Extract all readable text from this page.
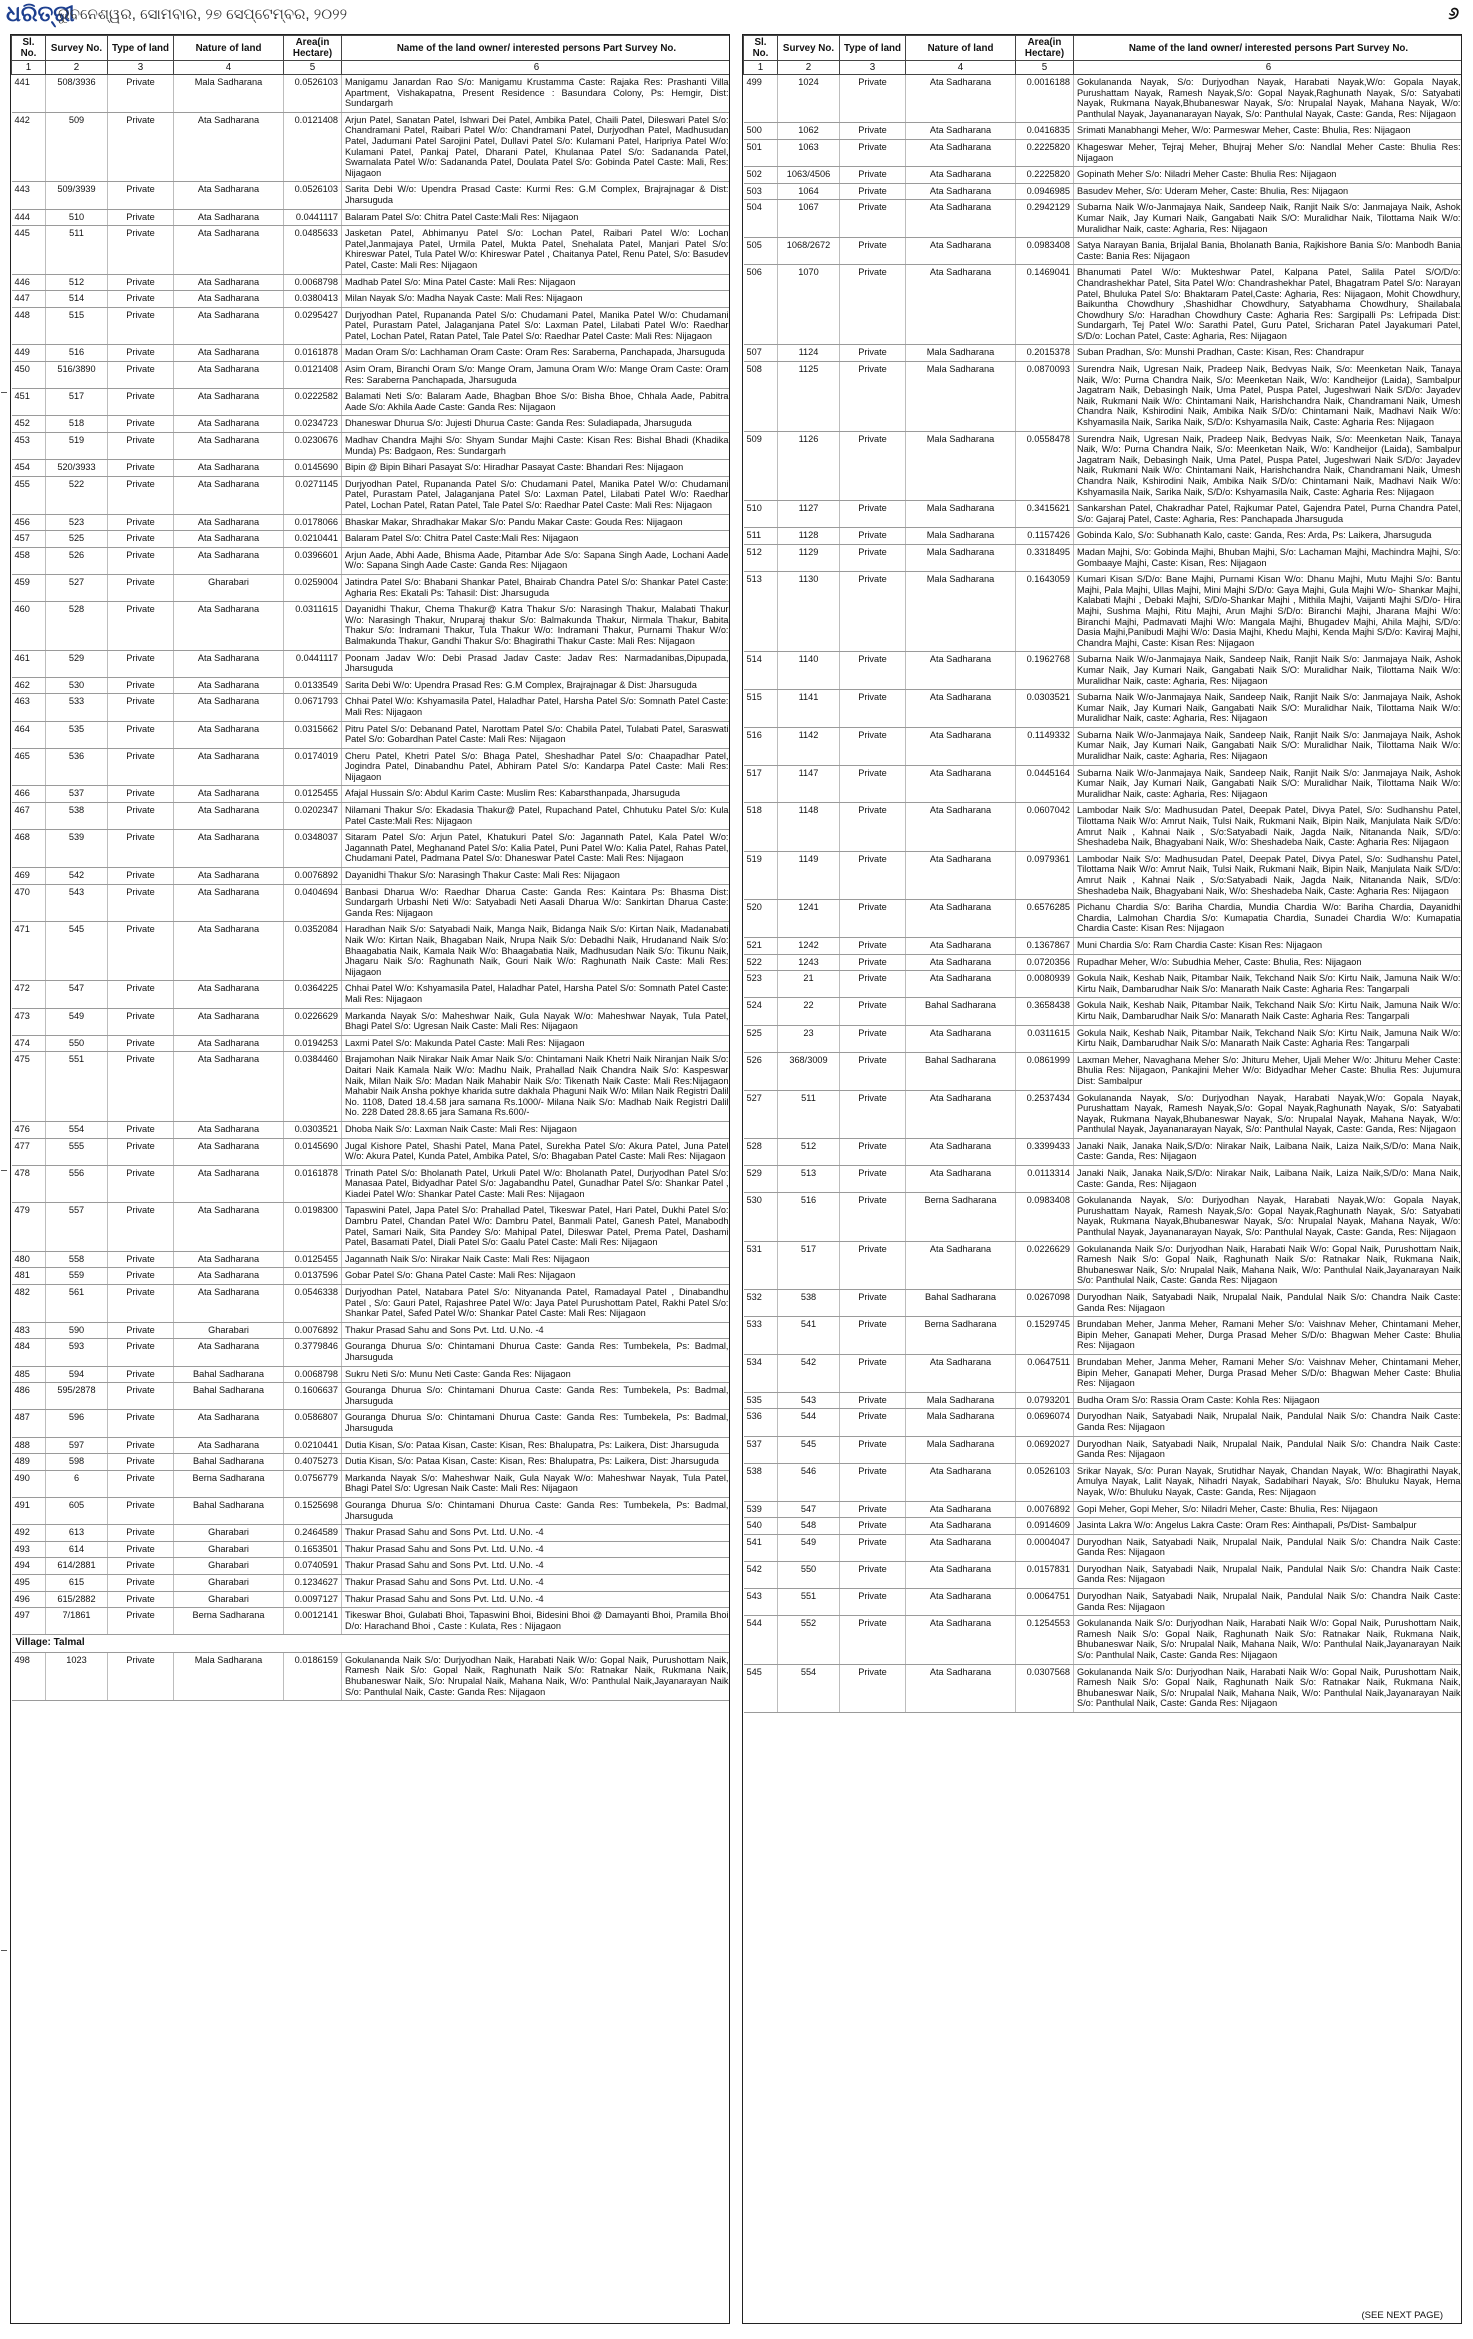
ଧରିତ୍ରୀ
ଭୁବନେଶ୍ୱର, ସୋମବାର, ୨୭ ସେପ୍ଟେମ୍ବର, ୨୦୨୨	୬
Sl. No.	Survey No.	Type of land	Nature of land	Area(in Hectare)	Name of the land owner/ interested persons Part Survey No.
1	2	3	4	5	6
441	508/3936	Private	Mala Sadharana	0.0526103	Manigamu Janardan Rao S/o: Manigamu Krustamma Caste: Rajaka Res: Prashanti Villa Apartment, Vishakapatna, Present Residence : Basundara Colony, Ps: Hemgir, Dist: Sundargarh
442	509	Private	Ata Sadharana	0.0121408	Arjun Patel, Sanatan Patel, Ishwari Dei Patel, Ambika Patel, Chaili Patel, Dileswari Patel S/o: Chandramani Patel, Raibari Patel W/o: Chandramani Patel, Durjyodhan Patel, Madhusudan Patel, Jadumani Patel Sarojini Patel, Dullavi Patel S/o: Kulamani Patel, Haripriya Patel W/o: Kulamani Patel, Pankaj Patel, Dharani Patel, Khulanaa Patel S/o: Sadananda Patel, Swarnalata Patel W/o: Sadananda Patel, Doulata Patel S/o: Gobinda Patel Caste: Mali, Res: Nijagaon
443	509/3939	Private	Ata Sadharana	0.0526103	Sarita Debi W/o: Upendra Prasad Caste: Kurmi Res: G.M Complex, Brajrajnagar & Dist: Jharsuguda
444	510	Private	Ata Sadharana	0.0441117	Balaram Patel S/o: Chitra Patel Caste:Mali Res: Nijagaon
445	511	Private	Ata Sadharana	0.0485633	Jasketan Patel, Abhimanyu Patel S/o: Lochan Patel, Raibari Patel W/o: Lochan Patel,Janmajaya Patel, Urmila Patel, Mukta Patel, Snehalata Patel, Manjari Patel S/o: Khireswar Patel, Tula Patel W/o: Khireswar Patel , Chaitanya Patel, Renu Patel, S/o: Basudev Patel, Caste: Mali Res: Nijagaon
446	512	Private	Ata Sadharana	0.0068798	Madhab Patel S/o: Mina Patel Caste: Mali Res: Nijagaon
447	514	Private	Ata Sadharana	0.0380413	Milan Nayak S/o: Madha Nayak Caste: Mali Res: Nijagaon
448	515	Private	Ata Sadharana	0.0295427	Durjyodhan Patel, Rupananda Patel S/o: Chudamani Patel, Manika Patel W/o: Chudamani Patel, Purastam Patel, Jalaganjana Patel S/o: Laxman Patel, Lilabati Patel W/o: Raedhar Patel, Lochan Patel, Ratan Patel, Tale Patel S/o: Raedhar Patel Caste: Mali Res: Nijagaon
449	516	Private	Ata Sadharana	0.0161878	Madan Oram S/o: Lachhaman Oram Caste: Oram Res: Saraberna, Panchapada, Jharsuguda
450	516/3890	Private	Ata Sadharana	0.0121408	Asim Oram, Biranchi Oram S/o: Mange Oram, Jamuna Oram W/o: Mange Oram Caste: Oram Res: Saraberna Panchapada, Jharsuguda
451	517	Private	Ata Sadharana	0.0222582	Balamati Neti S/o: Balaram Aade, Bhagban Bhoe S/o: Bisha Bhoe, Chhala Aade, Pabitra Aade S/o: Akhila Aade Caste: Ganda Res: Nijagaon
452	518	Private	Ata Sadharana	0.0234723	Dhaneswar Dhurua S/o: Jujesti Dhurua Caste: Ganda Res: Suladiapada, Jharsuguda
453	519	Private	Ata Sadharana	0.0230676	Madhav Chandra Majhi S/o: Shyam Sundar Majhi Caste: Kisan Res: Bishal Bhadi (Khadika Munda) Ps: Badgaon, Res: Sundargarh
454	520/3933	Private	Ata Sadharana	0.0145690	Bipin @ Bipin Bihari Pasayat S/o: Hiradhar Pasayat Caste: Bhandari Res: Nijagaon
455	522	Private	Ata Sadharana	0.0271145	Durjyodhan Patel, Rupananda Patel S/o: Chudamani Patel, Manika Patel W/o: Chudamani Patel, Purastam Patel, Jalaganjana Patel S/o: Laxman Patel, Lilabati Patel W/o: Raedhar Patel, Lochan Patel, Ratan Patel, Tale Patel S/o: Raedhar Patel Caste: Mali Res: Nijagaon
456	523	Private	Ata Sadharana	0.0178066	Bhaskar Makar, Shradhakar Makar S/o: Pandu Makar Caste: Gouda Res: Nijagaon
457	525	Private	Ata Sadharana	0.0210441	Balaram Patel S/o: Chitra Patel Caste:Mali Res: Nijagaon
458	526	Private	Ata Sadharana	0.0396601	Arjun Aade, Abhi Aade, Bhisma Aade, Pitambar Ade S/o: Sapana Singh Aade, Lochani Aade W/o: Sapana Singh Aade Caste: Ganda Res: Nijagaon
459	527	Private	Gharabari	0.0259004	Jatindra Patel S/o: Bhabani Shankar Patel, Bhairab Chandra Patel S/o: Shankar Patel Caste: Agharia Res: Ekatali Ps: Tahasil: Dist: Jharsuguda
460	528	Private	Ata Sadharana	0.0311615	Dayanidhi Thakur, Chema Thakur@ Katra Thakur S/o: Narasingh Thakur, Malabati Thakur W/o: Narasingh Thakur, Nruparaj thakur S/o: Balmakunda Thakur, Nirmala Thakur, Babita Thakur S/o: Indramani Thakur, Tula Thakur W/o: Indramani Thakur, Purnami Thakur W/o: Balmakunda Thakur, Gandhi Thakur S/o: Bhagirathi Thakur Caste: Mali Res: Nijagaon
461	529	Private	Ata Sadharana	0.0441117	Poonam Jadav W/o: Debi Prasad Jadav Caste: Jadav Res: Narmadanibas,Dipupada, Jharsuguda
462	530	Private	Ata Sadharana	0.0133549	Sarita Debi W/o: Upendra Prasad Res: G.M Complex, Brajrajnagar & Dist: Jharsuguda
463	533	Private	Ata Sadharana	0.0671793	Chhai Patel W/o: Kshyamasila Patel, Haladhar Patel, Harsha Patel S/o: Somnath Patel Caste: Mali Res: Nijagaon
464	535	Private	Ata Sadharana	0.0315662	Pitru Patel S/o: Debanand Patel, Narottam Patel S/o: Chabila Patel, Tulabati Patel, Saraswati Patel S/o: Gobardhan Patel Caste: Mali Res: Nijagaon
465	536	Private	Ata Sadharana	0.0174019	Cheru Patel, Khetri Patel S/o: Bhaga Patel, Sheshadhar Patel S/o: Chaapadhar Patel, Jogindra Patel, Dinabandhu Patel, Abhiram Patel S/o: Kandarpa Patel Caste: Mali Res: Nijagaon
466	537	Private	Ata Sadharana	0.0125455	Afajal Hussain S/o: Abdul Karim Caste: Muslim Res: Kabarsthanpada, Jharsuguda
467	538	Private	Ata Sadharana	0.0202347	Nilamani Thakur S/o: Ekadasia Thakur@ Patel, Rupachand Patel, Chhutuku Patel S/o: Kula Patel Caste:Mali Res: Nijagaon
468	539	Private	Ata Sadharana	0.0348037	Sitaram Patel S/o: Arjun Patel, Khatukuri Patel S/o: Jagannath Patel, Kala Patel W/o: Jagannath Patel, Meghanand Patel S/o: Kalia Patel, Puni Patel W/o: Kalia Patel, Rahas Patel, Chudamani Patel, Padmana Patel S/o: Dhaneswar Patel Caste: Mali Res: Nijagaon
469	542	Private	Ata Sadharana	0.0076892	Dayanidhi Thakur S/o: Narasingh Thakur Caste: Mali Res: Nijagaon
470	543	Private	Ata Sadharana	0.0404694	Banbasi Dharua W/o: Raedhar Dharua Caste: Ganda Res: Kaintara Ps: Bhasma Dist: Sundargarh Urbashi Neti W/o: Satyabadi Neti Aasali Dharua W/o: Sankirtan Dharua Caste: Ganda Res: Nijagaon
471	545	Private	Ata Sadharana	0.0352084	Haradhan Naik S/o: Satyabadi Naik, Manga Naik, Bidanga Naik S/o: Kirtan Naik, Madanabati Naik W/o: Kirtan Naik, Bhagaban Naik, Nrupa Naik S/o: Debadhi Naik, Hrudanand Naik S/o: Bhaagabatia Naik, Kamala Naik W/o: Bhaagabatia Naik, Madhusudan Naik S/o: Tikunu Naik, Jhagaru Naik S/o: Raghunath Naik, Gouri Naik W/o: Raghunath Naik Caste: Mali Res: Nijagaon
472	547	Private	Ata Sadharana	0.0364225	Chhai Patel W/o: Kshyamasila Patel, Haladhar Patel, Harsha Patel S/o: Somnath Patel Caste: Mali Res: Nijagaon
473	549	Private	Ata Sadharana	0.0226629	Markanda Nayak S/o: Maheshwar Naik, Gula Nayak W/o: Maheshwar Nayak, Tula Patel, Bhagi Patel S/o: Ugresan Naik Caste: Mali Res: Nijagaon
474	550	Private	Ata Sadharana	0.0194253	Laxmi Patel S/o: Makunda Patel Caste: Mali Res: Nijagaon
475	551	Private	Ata Sadharana	0.0384460	Brajamohan Naik Nirakar Naik Amar Naik S/o: Chintamani Naik Khetri Naik Niranjan Naik S/o: Daitari Naik Kamala Naik W/o: Madhu Naik, Prahallad Naik Chandra Naik S/o: Kaspeswar Naik, Milan Naik S/o: Madan Naik Mahabir Naik S/o: Tikenath Naik Caste: Mali Res:Nijagaon Mahabir Naik Ansha pokhye kharida sutre dakhala Phaguni Naik W/o: Milan Naik Registri Dalil No. 1108, Dated 18.4.58 jara samana Rs.1000/- Milana Naik S/o: Madhab Naik Registri Dalil No. 228 Dated 28.8.65 jara Samana Rs.600/-
476	554	Private	Ata Sadharana	0.0303521	Dhoba Naik S/o: Laxman Naik Caste: Mali Res: Nijagaon
477	555	Private	Ata Sadharana	0.0145690	Jugal Kishore Patel, Shashi Patel, Mana Patel, Surekha Patel S/o: Akura Patel, Juna Patel W/o: Akura Patel, Kunda Patel, Ambika Patel, S/o: Bhagaban Patel Caste: Mali Res: Nijagaon
478	556	Private	Ata Sadharana	0.0161878	Trinath Patel S/o: Bholanath Patel, Urkuli Patel W/o: Bholanath Patel, Durjyodhan Patel S/o: Manasaa Patel, Bidyadhar Patel S/o: Jagabandhu Patel, Gunadhar Patel S/o: Shankar Patel , Kiadei Patel W/o: Shankar Patel Caste: Mali Res: Nijagaon
479	557	Private	Ata Sadharana	0.0198300	Tapaswini Patel, Japa Patel S/o: Prahallad Patel, Tikeswar Patel, Hari Patel, Dukhi Patel S/o: Dambru Patel, Chandan Patel W/o: Dambru Patel, Banmali Patel, Ganesh Patel, Manabodh Patel, Samari Naik, Sita Pandey S/o: Mahipal Patel, Dileswar Patel, Prema Patel, Dashami Patel, Basamati Patel, Diali Patel S/o: Gaalu Patel Caste: Mali Res: Nijagaon
480	558	Private	Ata Sadharana	0.0125455	Jagannath Naik S/o: Nirakar Naik Caste: Mali Res: Nijagaon
481	559	Private	Ata Sadharana	0.0137596	Gobar Patel S/o: Ghana Patel Caste: Mali Res: Nijagaon
482	561	Private	Ata Sadharana	0.0546338	Durjyodhan Patel, Natabara Patel S/o: Nityananda Patel, Ramadayal Patel , Dinabandhu Patel , S/o: Gauri Patel, Rajashree Patel W/o: Jaya Patel Purushottam Patel, Rakhi Patel S/o: Shankar Patel, Safed Patel W/o: Shankar Patel Caste: Mali Res: Nijagaon
483	590	Private	Gharabari	0.0076892	Thakur Prasad Sahu and Sons Pvt. Ltd. U.No. -4
484	593	Private	Ata Sadharana	0.3779846	Gouranga Dhurua S/o: Chintamani Dhurua Caste: Ganda Res: Tumbekela, Ps: Badmal, Jharsuguda
485	594	Private	Bahal Sadharana	0.0068798	Sukru Neti S/o: Munu Neti Caste: Ganda Res: Nijagaon
486	595/2878	Private	Bahal Sadharana	0.1606637	Gouranga Dhurua S/o: Chintamani Dhurua Caste: Ganda Res: Tumbekela, Ps: Badmal, Jharsuguda
487	596	Private	Ata Sadharana	0.0586807	Gouranga Dhurua S/o: Chintamani Dhurua Caste: Ganda Res: Tumbekela, Ps: Badmal, Jharsuguda
488	597	Private	Ata Sadharana	0.0210441	Dutia Kisan, S/o: Pataa Kisan, Caste: Kisan, Res: Bhalupatra, Ps: Laikera, Dist: Jharsuguda
489	598	Private	Bahal Sadharana	0.4075273	Dutia Kisan, S/o: Pataa Kisan, Caste: Kisan, Res: Bhalupatra, Ps: Laikera, Dist: Jharsuguda
490	6	Private	Berna Sadharana	0.0756779	Markanda Nayak S/o: Maheshwar Naik, Gula Nayak W/o: Maheshwar Nayak, Tula Patel, Bhagi Patel S/o: Ugresan Naik Caste: Mali Res: Nijagaon
491	605	Private	Bahal Sadharana	0.1525698	Gouranga Dhurua S/o: Chintamani Dhurua Caste: Ganda Res: Tumbekela, Ps: Badmal, Jharsuguda
492	613	Private	Gharabari	0.2464589	Thakur Prasad Sahu and Sons Pvt. Ltd. U.No. -4
493	614	Private	Gharabari	0.1653501	Thakur Prasad Sahu and Sons Pvt. Ltd. U.No. -4
494	614/2881	Private	Gharabari	0.0740591	Thakur Prasad Sahu and Sons Pvt. Ltd. U.No. -4
495	615	Private	Gharabari	0.1234627	Thakur Prasad Sahu and Sons Pvt. Ltd. U.No. -4
496	615/2882	Private	Gharabari	0.0097127	Thakur Prasad Sahu and Sons Pvt. Ltd. U.No. -4
497	7/1861	Private	Berna Sadharana	0.0012141	Tikeswar Bhoi, Gulabati Bhoi, Tapaswini Bhoi, Bidesini Bhoi @ Damayanti Bhoi, Pramila Bhoi D/o: Harachand Bhoi , Caste : Kulata, Res : Nijagaon
Village: Talmal					
498	1023	Private	Mala Sadharana	0.0186159	Gokulananda Naik S/o: Durjyodhan Naik, Harabati Naik W/o: Gopal Naik, Purushottam Naik, Ramesh Naik S/o: Gopal Naik, Raghunath Naik S/o: Ratnakar Naik, Rukmana Naik, Bhubaneswar Naik, S/o: Nrupalal Naik, Mahana Naik, W/o: Panthulal Naik,Jayanarayan Naik S/o: Panthulal Naik, Caste: Ganda Res: Nijagaon
Sl. No.	Survey No.	Type of land	Nature of land	Area(in Hectare)	Name of the land owner/ interested persons Part Survey No.
1	2	3	4	5	6
499	1024	Private	Ata Sadharana	0.0016188	Gokulananda Nayak, S/o: Durjyodhan Nayak, Harabati Nayak,W/o: Gopala Nayak, Purushattam Nayak, Ramesh Nayak,S/o: Gopal Nayak,Raghunath Nayak, S/o: Satyabati Nayak, Rukmana Nayak,Bhubaneswar Nayak, S/o: Nrupalal Nayak, Mahana Nayak, W/o: Panthulal Nayak, Jayananarayan Nayak, S/o: Panthulal Nayak, Caste: Ganda, Res: Nijagaon
500	1062	Private	Ata Sadharana	0.0416835	Srimati Manabhangi Meher, W/o: Parmeswar Meher, Caste: Bhulia, Res: Nijagaon
501	1063	Private	Ata Sadharana	0.2225820	Khageswar Meher, Tejraj Meher, Bhujraj Meher S/o: Nandlal Meher Caste: Bhulia Res: Nijagaon
502	1063/4506	Private	Ata Sadharana	0.2225820	Gopinath Meher S/o: Niladri Meher Caste: Bhulia Res: Nijagaon
503	1064	Private	Ata Sadharana	0.0946985	Basudev Meher, S/o: Uderam Meher, Caste: Bhulia, Res: Nijagaon
504	1067	Private	Ata Sadharana	0.2942129	Subarna Naik W/o-Janmajaya Naik, Sandeep Naik, Ranjit Naik S/o: Janmajaya Naik, Ashok Kumar Naik, Jay Kumari Naik, Gangabati Naik S/O: Muralidhar Naik, Tilottama Naik W/o: Muralidhar Naik, caste: Agharia, Res: Nijagaon
505	1068/2672	Private	Ata Sadharana	0.0983408	Satya Narayan Bania, Brijalal Bania, Bholanath Bania, Rajkishore Bania S/o: Manbodh Bania Caste: Bania Res: Nijagaon
506	1070	Private	Ata Sadharana	0.1469041	Bhanumati Patel W/o: Mukteshwar Patel, Kalpana Patel, Salila Patel S/O/D/o: Chandrashekhar Patel, Sita Patel W/o: Chandrashekhar Patel, Bhagatram Patel S/o: Narayan Patel, Bhuluka Patel S/o: Bhaktaram Patel,Caste: Agharia, Res: Nijagaon, Mohit Chowdhury, Baikuntha Chowdhury ,Shashidhar Chowdhury, Satyabhama Chowdhury, Shailabala Chowdhury S/o: Haradhan Chowdhury Caste: Agharia Res: Sargipalli Ps: Lefripada Dist: Sundargarh, Tej Patel W/o: Sarathi Patel, Guru Patel, Sricharan Patel Jayakumari Patel, S/D/o: Lochan Patel, Caste: Agharia, Res: Nijagaon
507	1124	Private	Mala Sadharana	0.2015378	Suban Pradhan, S/o: Munshi Pradhan, Caste: Kisan, Res: Chandrapur
508	1125	Private	Mala Sadharana	0.0870093	Surendra Naik, Ugresan Naik, Pradeep Naik, Bedvyas Naik, S/o: Meenketan Naik, Tanaya Naik, W/o: Purna Chandra Naik, S/o: Meenketan Naik, W/o: Kandheijor (Laida), Sambalpur Jagatram Naik, Debasingh Naik, Uma Patel, Puspa Patel, Jugeshwari Naik S/D/o: Jayadev Naik, Rukmani Naik W/o: Chintamani Naik, Harishchandra Naik, Chandramani Naik, Umesh Chandra Naik, Kshirodini Naik, Ambika Naik S/D/o: Chintamani Naik, Madhavi Naik W/o: Kshyamasila Naik, Sarika Naik, S/D/o: Kshyamasila Naik, Caste: Agharia Res: Nijagaon
509	1126	Private	Mala Sadharana	0.0558478	Surendra Naik, Ugresan Naik, Pradeep Naik, Bedvyas Naik, S/o: Meenketan Naik, Tanaya Naik, W/o: Purna Chandra Naik, S/o: Meenketan Naik, W/o: Kandheijor (Laida), Sambalpur Jagatram Naik, Debasingh Naik, Uma Patel, Puspa Patel, Jugeshwari Naik S/D/o: Jayadev Naik, Rukmani Naik W/o: Chintamani Naik, Harishchandra Naik, Chandramani Naik, Umesh Chandra Naik, Kshirodini Naik, Ambika Naik S/D/o: Chintamani Naik, Madhavi Naik W/o: Kshyamasila Naik, Sarika Naik, S/D/o: Kshyamasila Naik, Caste: Agharia Res: Nijagaon
510	1127	Private	Mala Sadharana	0.3415621	Sankarshan Patel, Chakradhar Patel, Rajkumar Patel, Gajendra Patel, Purna Chandra Patel, S/o: Gajaraj Patel, Caste: Agharia, Res: Panchapada Jharsuguda
511	1128	Private	Mala Sadharana	0.1157426	Gobinda Kalo, S/o: Subhanath Kalo, caste: Ganda, Res: Arda, Ps: Laikera, Jharsuguda
512	1129	Private	Mala Sadharana	0.3318495	Madan Majhi, S/o: Gobinda Majhi, Bhuban Majhi, S/o: Lachaman Majhi, Machindra Majhi, S/o: Gombaaye Majhi, Caste: Kisan, Res: Nijagaon
513	1130	Private	Mala Sadharana	0.1643059	Kumari Kisan S/D/o: Bane Majhi, Purnami Kisan W/o: Dhanu Majhi, Mutu Majhi S/o: Bantu Majhi, Pala Majhi, Ullas Majhi, Mini Majhi S/D/o: Gaya Majhi, Gula Majhi W/o- Shankar Majhi, Kalabati Majhi , Debaki Majhi, S/D/o-Shankar Majhi , Mithila Majhi, Vaijanti Majhi S/D/o- Hira Majhi, Sushma Majhi, Ritu Majhi, Arun Majhi S/D/o: Biranchi Majhi, Jharana Majhi W/o: Biranchi Majhi, Padmavati Majhi W/o: Mangala Majhi, Bhugadev Majhi, Ahila Majhi, S/D/o: Dasia Majhi,Panibudi Majhi W/o: Dasia Majhi, Khedu Majhi, Kenda Majhi S/D/o: Kaviraj Majhi, Chandra Majhi, Caste: Kisan Res: Nijagaon
514	1140	Private	Ata Sadharana	0.1962768	Subarna Naik W/o-Janmajaya Naik, Sandeep Naik, Ranjit Naik S/o: Janmajaya Naik, Ashok Kumar Naik, Jay Kumari Naik, Gangabati Naik S/O: Muralidhar Naik, Tilottama Naik W/o: Muralidhar Naik, caste: Agharia, Res: Nijagaon
515	1141	Private	Ata Sadharana	0.0303521	Subarna Naik W/o-Janmajaya Naik, Sandeep Naik, Ranjit Naik S/o: Janmajaya Naik, Ashok Kumar Naik, Jay Kumari Naik, Gangabati Naik S/O: Muralidhar Naik, Tilottama Naik W/o: Muralidhar Naik, caste: Agharia, Res: Nijagaon
516	1142	Private	Ata Sadharana	0.1149332	Subarna Naik W/o-Janmajaya Naik, Sandeep Naik, Ranjit Naik S/o: Janmajaya Naik, Ashok Kumar Naik, Jay Kumari Naik, Gangabati Naik S/O: Muralidhar Naik, Tilottama Naik W/o: Muralidhar Naik, caste: Agharia, Res: Nijagaon
517	1147	Private	Ata Sadharana	0.0445164	Subarna Naik W/o-Janmajaya Naik, Sandeep Naik, Ranjit Naik S/o: Janmajaya Naik, Ashok Kumar Naik, Jay Kumari Naik, Gangabati Naik S/O: Muralidhar Naik, Tilottama Naik W/o: Muralidhar Naik, caste: Agharia, Res: Nijagaon
518	1148	Private	Ata Sadharana	0.0607042	Lambodar Naik S/o: Madhusudan Patel, Deepak Patel, Divya Patel, S/o: Sudhanshu Patel, Tilottama Naik W/o: Amrut Naik, Tulsi Naik, Rukmani Naik, Bipin Naik, Manjulata Naik S/D/o: Amrut Naik , Kahnai Naik , S/o:Satyabadi Naik, Jagda Naik, Nitananda Naik, S/D/o: Sheshadeba Naik, Bhagyabani Naik, W/o: Sheshadeba Naik, Caste: Agharia Res: Nijagaon
519	1149	Private	Ata Sadharana	0.0979361	Lambodar Naik S/o: Madhusudan Patel, Deepak Patel, Divya Patel, S/o: Sudhanshu Patel, Tilottama Naik W/o: Amrut Naik, Tulsi Naik, Rukmani Naik, Bipin Naik, Manjulata Naik S/D/o: Amrut Naik , Kahnai Naik , S/o:Satyabadi Naik, Jagda Naik, Nitananda Naik, S/D/o: Sheshadeba Naik, Bhagyabani Naik, W/o: Sheshadeba Naik, Caste: Agharia Res: Nijagaon
520	1241	Private	Ata Sadharana	0.6576285	Pichanu Chardia S/o: Bariha Chardia, Mundia Chardia W/o: Bariha Chardia, Dayanidhi Chardia, Lalmohan Chardia S/o: Kumapatia Chardia, Sunadei Chardia W/o: Kumapatia Chardia Caste: Kisan Res: Nijagaon
521	1242	Private	Ata Sadharana	0.1367867	Muni Chardia S/o: Ram Chardia Caste: Kisan Res: Nijagaon
522	1243	Private	Ata Sadharana	0.0720356	Rupadhar Meher, W/o: Subudhia Meher, Caste: Bhulia, Res: Nijagaon
523	21	Private	Ata Sadharana	0.0080939	Gokula Naik, Keshab Naik, Pitambar Naik, Tekchand Naik S/o: Kirtu Naik, Jamuna Naik W/o: Kirtu Naik, Dambarudhar Naik S/o: Manarath Naik Caste: Agharia Res: Tangarpali
524	22	Private	Bahal Sadharana	0.3658438	Gokula Naik, Keshab Naik, Pitambar Naik, Tekchand Naik S/o: Kirtu Naik, Jamuna Naik W/o: Kirtu Naik, Dambarudhar Naik S/o: Manarath Naik Caste: Agharia Res: Tangarpali
525	23	Private	Ata Sadharana	0.0311615	Gokula Naik, Keshab Naik, Pitambar Naik, Tekchand Naik S/o: Kirtu Naik, Jamuna Naik W/o: Kirtu Naik, Dambarudhar Naik S/o: Manarath Naik Caste: Agharia Res: Tangarpali
526	368/3009	Private	Bahal Sadharana	0.0861999	Laxman Meher, Navaghana Meher S/o: Jhituru Meher, Ujali Meher W/o: Jhituru Meher Caste: Bhulia Res: Nijagaon, Pankajini Meher W/o: Bidyadhar Meher Caste: Bhulia Res: Jujumura Dist: Sambalpur
527	511	Private	Ata Sadharana	0.2537434	Gokulananda Nayak, S/o: Durjyodhan Nayak, Harabati Nayak,W/o: Gopala Nayak, Purushattam Nayak, Ramesh Nayak,S/o: Gopal Nayak,Raghunath Nayak, S/o: Satyabati Nayak, Rukmana Nayak,Bhubaneswar Nayak, S/o: Nrupalal Nayak, Mahana Nayak, W/o: Panthulal Nayak, Jayananarayan Nayak, S/o: Panthulal Nayak, Caste: Ganda, Res: Nijagaon
528	512	Private	Ata Sadharana	0.3399433	Janaki Naik, Janaka Naik,S/D/o: Nirakar Naik, Laibana Naik, Laiza Naik,S/D/o: Mana Naik, Caste: Ganda, Res: Nijagaon
529	513	Private	Ata Sadharana	0.0113314	Janaki Naik, Janaka Naik,S/D/o: Nirakar Naik, Laibana Naik, Laiza Naik,S/D/o: Mana Naik, Caste: Ganda, Res: Nijagaon
530	516	Private	Berna Sadharana	0.0983408	Gokulananda Nayak, S/o: Durjyodhan Nayak, Harabati Nayak,W/o: Gopala Nayak, Purushattam Nayak, Ramesh Nayak,S/o: Gopal Nayak,Raghunath Nayak, S/o: Satyabati Nayak, Rukmana Nayak,Bhubaneswar Nayak, S/o: Nrupalal Nayak, Mahana Nayak, W/o: Panthulal Nayak, Jayananarayan Nayak, S/o: Panthulal Nayak, Caste: Ganda, Res: Nijagaon
531	517	Private	Ata Sadharana	0.0226629	Gokulananda Naik S/o: Durjyodhan Naik, Harabati Naik W/o: Gopal Naik, Purushottam Naik, Ramesh Naik S/o: Gopal Naik, Raghunath Naik S/o: Ratnakar Naik, Rukmana Naik, Bhubaneswar Naik, S/o: Nrupalal Naik, Mahana Naik, W/o: Panthulal Naik,Jayanarayan Naik S/o: Panthulal Naik, Caste: Ganda Res: Nijagaon
532	538	Private	Bahal Sadharana	0.0267098	Duryodhan Naik, Satyabadi Naik, Nrupalal Naik, Pandulal Naik S/o: Chandra Naik Caste: Ganda Res: Nijagaon
533	541	Private	Berna Sadharana	0.1529745	Brundaban Meher, Janma Meher, Ramani Meher S/o: Vaishnav Meher, Chintamani Meher, Bipin Meher, Ganapati Meher, Durga Prasad Meher S/D/o: Bhagwan Meher Caste: Bhulia Res: Nijagaon
534	542	Private	Ata Sadharana	0.0647511	Brundaban Meher, Janma Meher, Ramani Meher S/o: Vaishnav Meher, Chintamani Meher, Bipin Meher, Ganapati Meher, Durga Prasad Meher S/D/o: Bhagwan Meher Caste: Bhulia Res: Nijagaon
535	543	Private	Mala Sadharana	0.0793201	Budha Oram S/o: Rassia Oram Caste: Kohla Res: Nijagaon
536	544	Private	Mala Sadharana	0.0696074	Duryodhan Naik, Satyabadi Naik, Nrupalal Naik, Pandulal Naik S/o: Chandra Naik Caste: Ganda Res: Nijagaon
537	545	Private	Mala Sadharana	0.0692027	Duryodhan Naik, Satyabadi Naik, Nrupalal Naik, Pandulal Naik S/o: Chandra Naik Caste: Ganda Res: Nijagaon
538	546	Private	Ata Sadharana	0.0526103	Srikar Nayak, S/o: Puran Nayak, Srutidhar Nayak, Chandan Nayak, W/o: Bhagirathi Nayak, Amulya Nayak, Lalit Nayak, Nihadri Nayak, Sadabihari Nayak, S/o: Bhuluku Nayak, Hema Nayak, W/o: Bhuluku Nayak, Caste: Ganda, Res: Nijagaon
539	547	Private	Ata Sadharana	0.0076892	Gopi Meher, Gopi Meher, S/o: Niladri Meher, Caste: Bhulia, Res: Nijagaon
540	548	Private	Ata Sadharana	0.0914609	Jasinta Lakra W/o: Angelus Lakra Caste: Oram Res: Ainthapali, Ps/Dist- Sambalpur
541	549	Private	Ata Sadharana	0.0004047	Duryodhan Naik, Satyabadi Naik, Nrupalal Naik, Pandulal Naik S/o: Chandra Naik Caste: Ganda Res: Nijagaon
542	550	Private	Ata Sadharana	0.0157831	Duryodhan Naik, Satyabadi Naik, Nrupalal Naik, Pandulal Naik S/o: Chandra Naik Caste: Ganda Res: Nijagaon
543	551	Private	Ata Sadharana	0.0064751	Duryodhan Naik, Satyabadi Naik, Nrupalal Naik, Pandulal Naik S/o: Chandra Naik Caste: Ganda Res: Nijagaon
544	552	Private	Ata Sadharana	0.1254553	Gokulananda Naik S/o: Durjyodhan Naik, Harabati Naik W/o: Gopal Naik, Purushottam Naik, Ramesh Naik S/o: Gopal Naik, Raghunath Naik S/o: Ratnakar Naik, Rukmana Naik, Bhubaneswar Naik, S/o: Nrupalal Naik, Mahana Naik, W/o: Panthulal Naik,Jayanarayan Naik S/o: Panthulal Naik, Caste: Ganda Res: Nijagaon
545	554	Private	Ata Sadharana	0.0307568	Gokulananda Naik S/o: Durjyodhan Naik, Harabati Naik W/o: Gopal Naik, Purushottam Naik, Ramesh Naik S/o: Gopal Naik, Raghunath Naik S/o: Ratnakar Naik, Rukmana Naik, Bhubaneswar Naik, S/o: Nrupalal Naik, Mahana Naik, W/o: Panthulal Naik,Jayanarayan Naik S/o: Panthulal Naik, Caste: Ganda Res: Nijagaon
(SEE NEXT PAGE)
